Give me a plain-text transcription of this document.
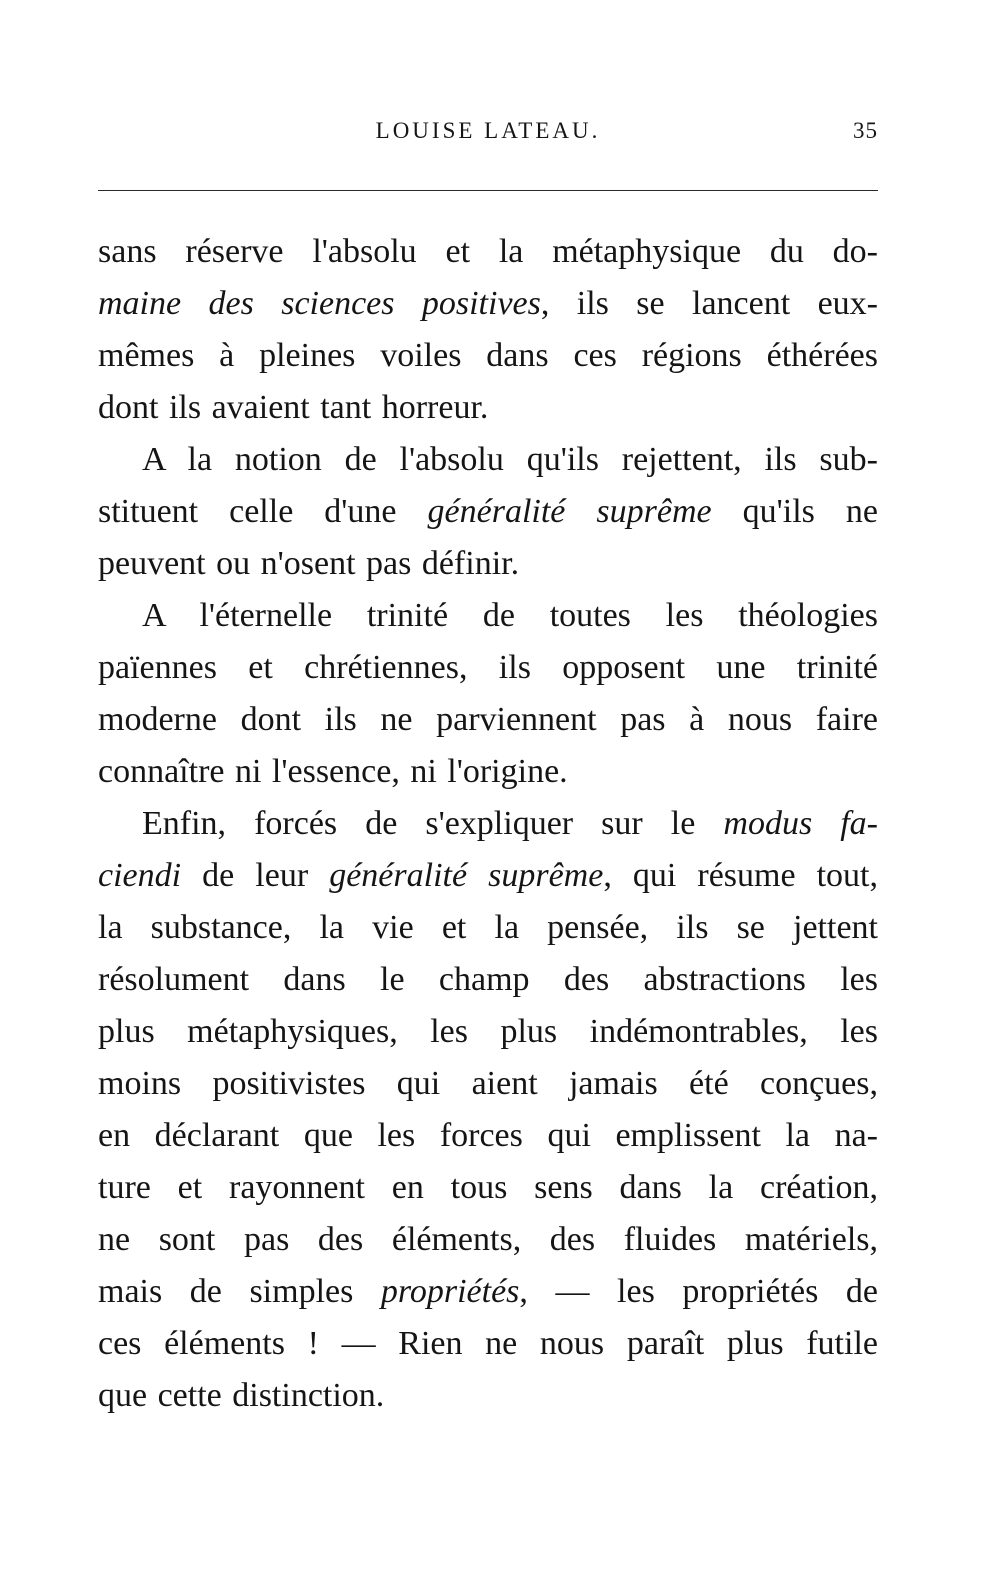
LOUISE LATEAU.	35
sans réserve l'absolu et la métaphysique du do-
maine des sciences positives, ils se lancent eux-
mêmes à pleines voiles dans ces régions éthérées
dont ils avaient tant horreur.
A la notion de l'absolu qu'ils rejettent, ils sub-
stituent celle d'une généralité suprême qu'ils ne
peuvent ou n'osent pas définir.
A l'éternelle trinité de toutes les théologies
païennes et chrétiennes, ils opposent une trinité
moderne dont ils ne parviennent pas à nous faire
connaître ni l'essence, ni l'origine.
Enfin, forcés de s'expliquer sur le modus fa-
ciendi de leur généralité suprême, qui résume tout,
la substance, la vie et la pensée, ils se jettent
résolument dans le champ des abstractions les
plus métaphysiques, les plus indémontrables, les
moins positivistes qui aient jamais été conçues,
en déclarant que les forces qui emplissent la na-
ture et rayonnent en tous sens dans la création,
ne sont pas des éléments, des fluides matériels,
mais de simples propriétés, — les propriétés de
ces éléments ! — Rien ne nous paraît plus futile
que cette distinction.
